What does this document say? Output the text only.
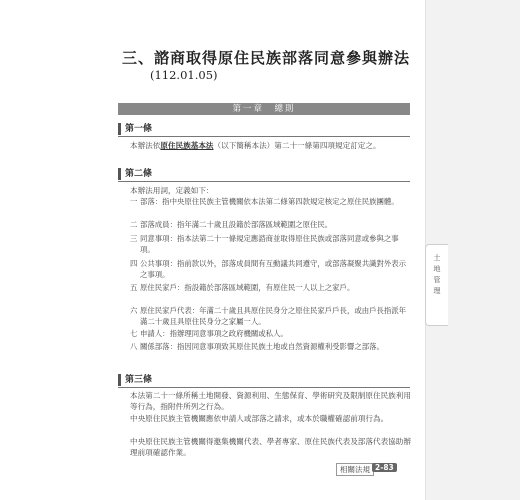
土地管理
三、諮商取得原住民族部落同意參與辦法
(112.01.05)
第一章　總則
第一條
本辦法依原住民族基本法（以下簡稱本法）第二十一條第四項規定訂定之。
第二條
本辦法用詞，定義如下：
一 部落：指中央原住民族主管機關依本法第二條第四款規定核定之原住民族團體。
二 部落成員：指年滿二十歲且設籍於部落區域範圍之原住民。
三 同意事項：指本法第二十一條規定應諮商並取得原住民族或部落同意或參與之事項。
四 公共事項：指前款以外，部落成員間有互動議共同遵守，或部落凝聚共識對外表示之事項。
五 原住民家戶：指設籍於部落區域範圍，有原住民一人以上之家戶。
六 原住民家戶代表：年滿二十歲且具原住民身分之原住民家戶戶長，或由戶長指派年滿二十歲且具原住民身分之家屬一人。
七 申請人：指辦理同意事項之政府機關或私人。
八 關係部落：指因同意事項致其原住民族土地或自然資源權利受影響之部落。
第三條
本法第二十一條所稱土地開發、資源利用、生態保育、學術研究及限制原住民族利用等行為，指附件所列之行為。
中央原住民族主管機關應依申請人或部落之請求，或本於職權確認前項行為。
中央原住民族主管機關得邀集機關代表、學者專家、原住民族代表及部落代表協助辦理前項確認作業。
相關法規 2-83
